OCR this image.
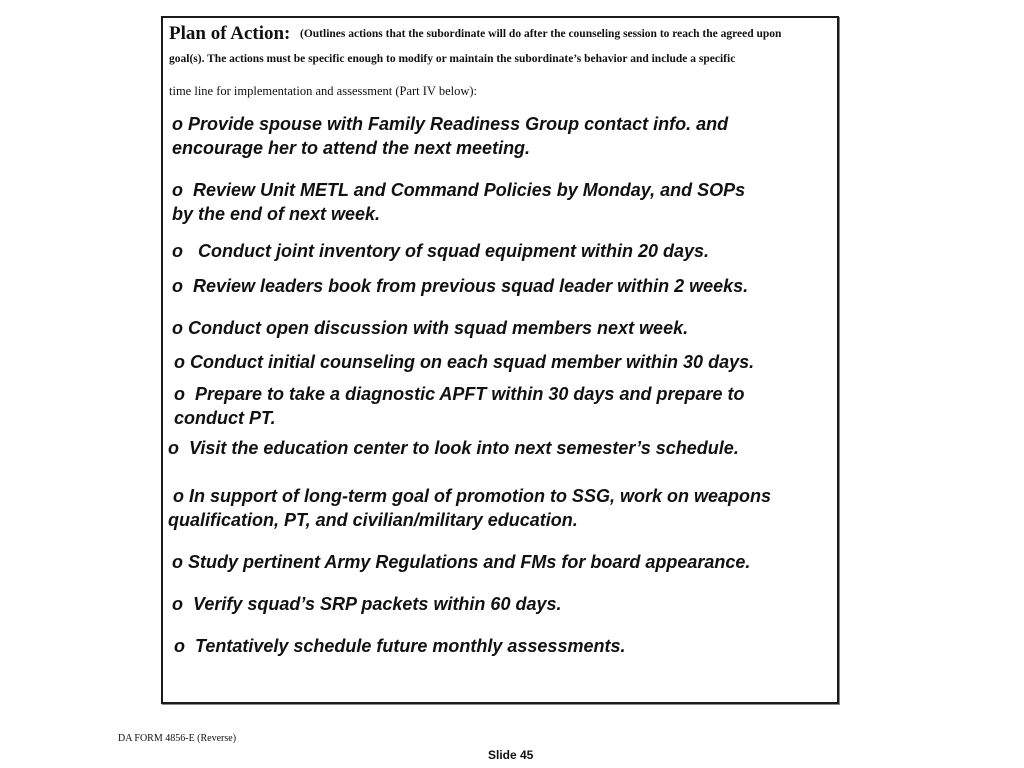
Plan of Action: (Outlines actions that the subordinate will do after the counseling session to reach the agreed upon
goal(s). The actions must be specific enough to modify or maintain the subordinate’s behavior and include a specific
time line for implementation and assessment (Part IV below):
o Provide spouse with Family Readiness Group contact info. and
encourage her to attend the next meeting.
o  Review Unit METL and Command Policies by Monday, and SOPs
by the end of next week.
o   Conduct joint inventory of squad equipment within 20 days.
o  Review leaders book from previous squad leader within 2 weeks.
o Conduct open discussion with squad members next week.
o Conduct initial counseling on each squad member within 30 days.
o  Prepare to take a diagnostic APFT within 30 days and prepare to
conduct PT.
o  Visit the education center to look into next semester’s schedule.
o In support of long-term goal of promotion to SSG, work on weapons
qualification, PT, and civilian/military education.
o Study pertinent Army Regulations and FMs for board appearance.
o  Verify squad’s SRP packets within 60 days.
o  Tentatively schedule future monthly assessments.
DA FORM 4856-E (Reverse)
Slide 45
